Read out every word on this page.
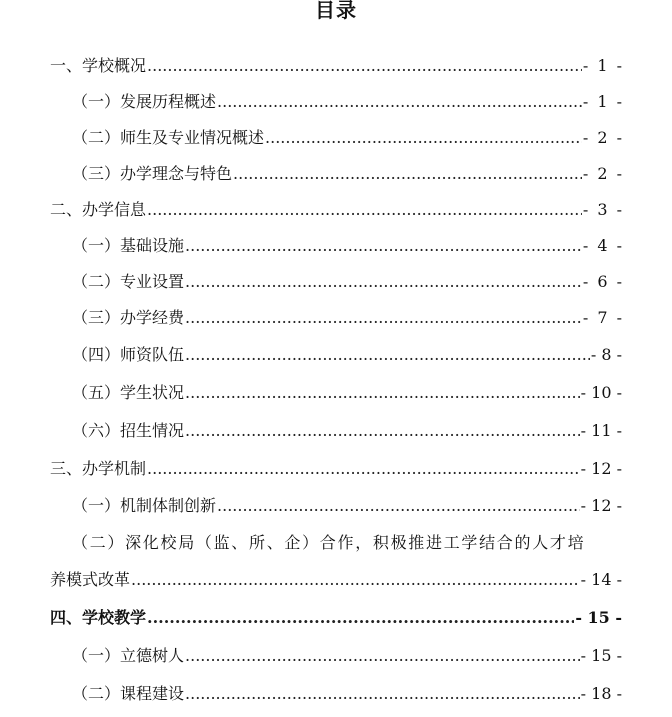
目录
一、学校概况 .....	- 1 -
（一）发展历程概述 .....	- 1 -
（二）师生及专业情况概述 .....	- 2 -
（三）办学理念与特色 .....	- 2 -
二、办学信息 .....	- 3 -
（一）基础设施 .....	- 4 -
（二）专业设置 .....	- 6 -
（三）办学经费 .....	- 7 -
（四）师资队伍 .....	- 8 -
（五）学生状况 .....	- 10 -
（六）招生情况 .....	- 11 -
三、办学机制 .....	- 12 -
（一）机制体制创新 .....	- 12 -
（二）深化校局（监、所、企）合作，积极推进工学结合的人才培
养模式改革 .....	- 14 -
四、学校教学 .....	- 15 -
（一）立德树人 .....	- 15 -
（二）课程建设 .....	- 18 -
